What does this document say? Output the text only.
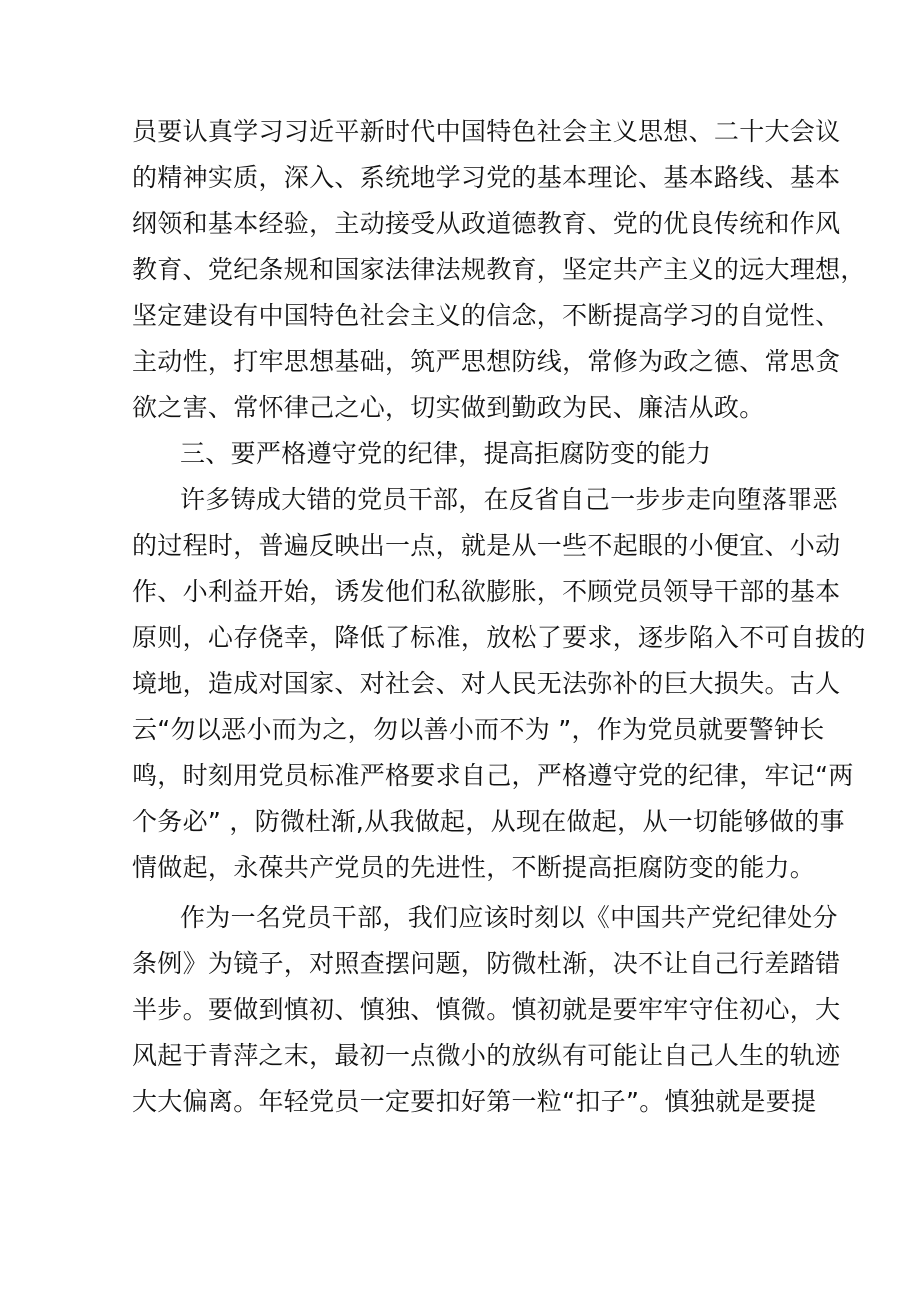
员要认真学习习近平新时代中国特色社会主义思想、二十大会议
的精神实质，深入、系统地学习党的基本理论、基本路线、基本
纲领和基本经验，主动接受从政道德教育、党的优良传统和作风
教育、党纪条规和国家法律法规教育，坚定共产主义的远大理想，
坚定建设有中国特色社会主义的信念，不断提高学习的自觉性、
主动性，打牢思想基础，筑严思想防线，常修为政之德、常思贪
欲之害、常怀律己之心，切实做到勤政为民、廉洁从政。
三、要严格遵守党的纪律，提高拒腐防变的能力
许多铸成大错的党员干部，在反省自己一步步走向堕落罪恶
的过程时，普遍反映出一点，就是从一些不起眼的小便宜、小动
作、小利益开始，诱发他们私欲膨胀，不顾党员领导干部的基本
原则，心存侥幸，降低了标准，放松了要求，逐步陷入不可自拔的
境地，造成对国家、对社会、对人民无法弥补的巨大损失。古人
云“勿以恶小而为之，勿以善小而不为 ”，作为党员就要警钟长
鸣，时刻用党员标准严格要求自己，严格遵守党的纪律，牢记“两
个务必” ，防微杜渐,从我做起，从现在做起，从一切能够做的事
情做起，永葆共产党员的先进性，不断提高拒腐防变的能力。
作为一名党员干部，我们应该时刻以《中国共产党纪律处分
条例》为镜子，对照查摆问题，防微杜渐，决不让自己行差踏错
半步。要做到慎初、慎独、慎微。慎初就是要牢牢守住初心，大
风起于青萍之末，最初一点微小的放纵有可能让自己人生的轨迹
大大偏离。年轻党员一定要扣好第一粒“扣子”。慎独就是要提
